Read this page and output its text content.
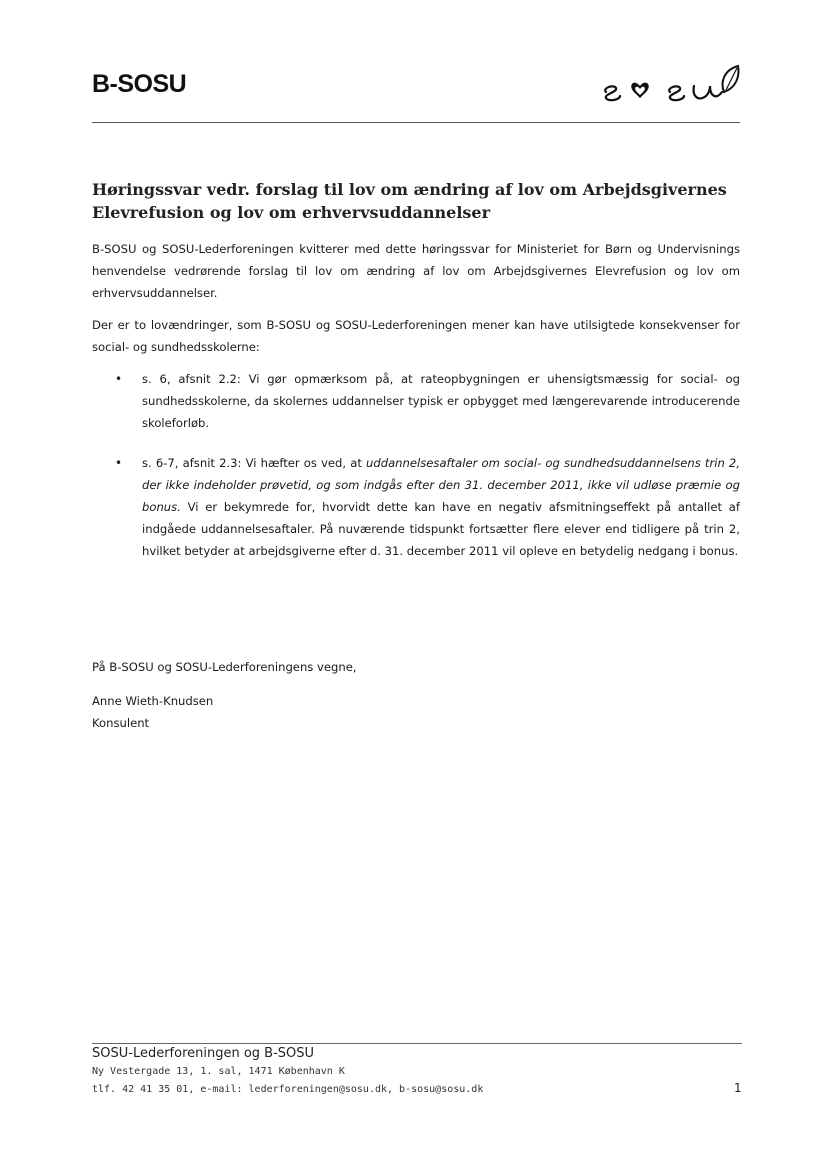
B-SOSU
Høringssvar vedr. forslag til lov om ændring af lov om Arbejdsgivernes Elevrefusion og lov om erhvervsuddannelser

B-SOSU og SOSU-Lederforeningen kvitterer med dette høringssvar for Ministeriet for Børn og Undervisnings henvendelse vedrørende forslag til lov om ændring af lov om Arbejdsgivernes Elevrefusion og lov om erhvervsuddannelser.

Der er to lovændringer, som B-SOSU og SOSU-Lederforeningen mener kan have utilsigtede konsekvenser for social- og sundhedsskolerne:

• s. 6, afsnit 2.2: Vi gør opmærksom på, at rateopbygningen er uhensigtsmæssig for social- og sundhedsskolerne, da skolernes uddannelser typisk er opbygget med længerevarende introducerende skoleforløb.
• s. 6-7, afsnit 2.3: Vi hæfter os ved, at uddannelsesaftaler om social- og sundhedsuddannelsens trin 2, der ikke indeholder prøvetid, og som indgås efter den 31. december 2011, ikke vil udløse præmie og bonus. Vi er bekymrede for, hvorvidt dette kan have en negativ afsmitningseffekt på antallet af indgåede uddannelsesaftaler. På nuværende tidspunkt fortsætter flere elever end tidligere på trin 2, hvilket betyder at arbejdsgiverne efter d. 31. december 2011 vil opleve en betydelig nedgang i bonus.

På B-SOSU og SOSU-Lederforeningens vegne,

Anne Wieth-Knudsen

Konsulent

SOSU-Lederforeningen og B-SOSU

Ny Vestergade 13, 1. sal, 1471 København K

tlf. 42 41 35 01, e-mail: lederforeningen@sosu.dk, b-sosu@sosu.dk	1
